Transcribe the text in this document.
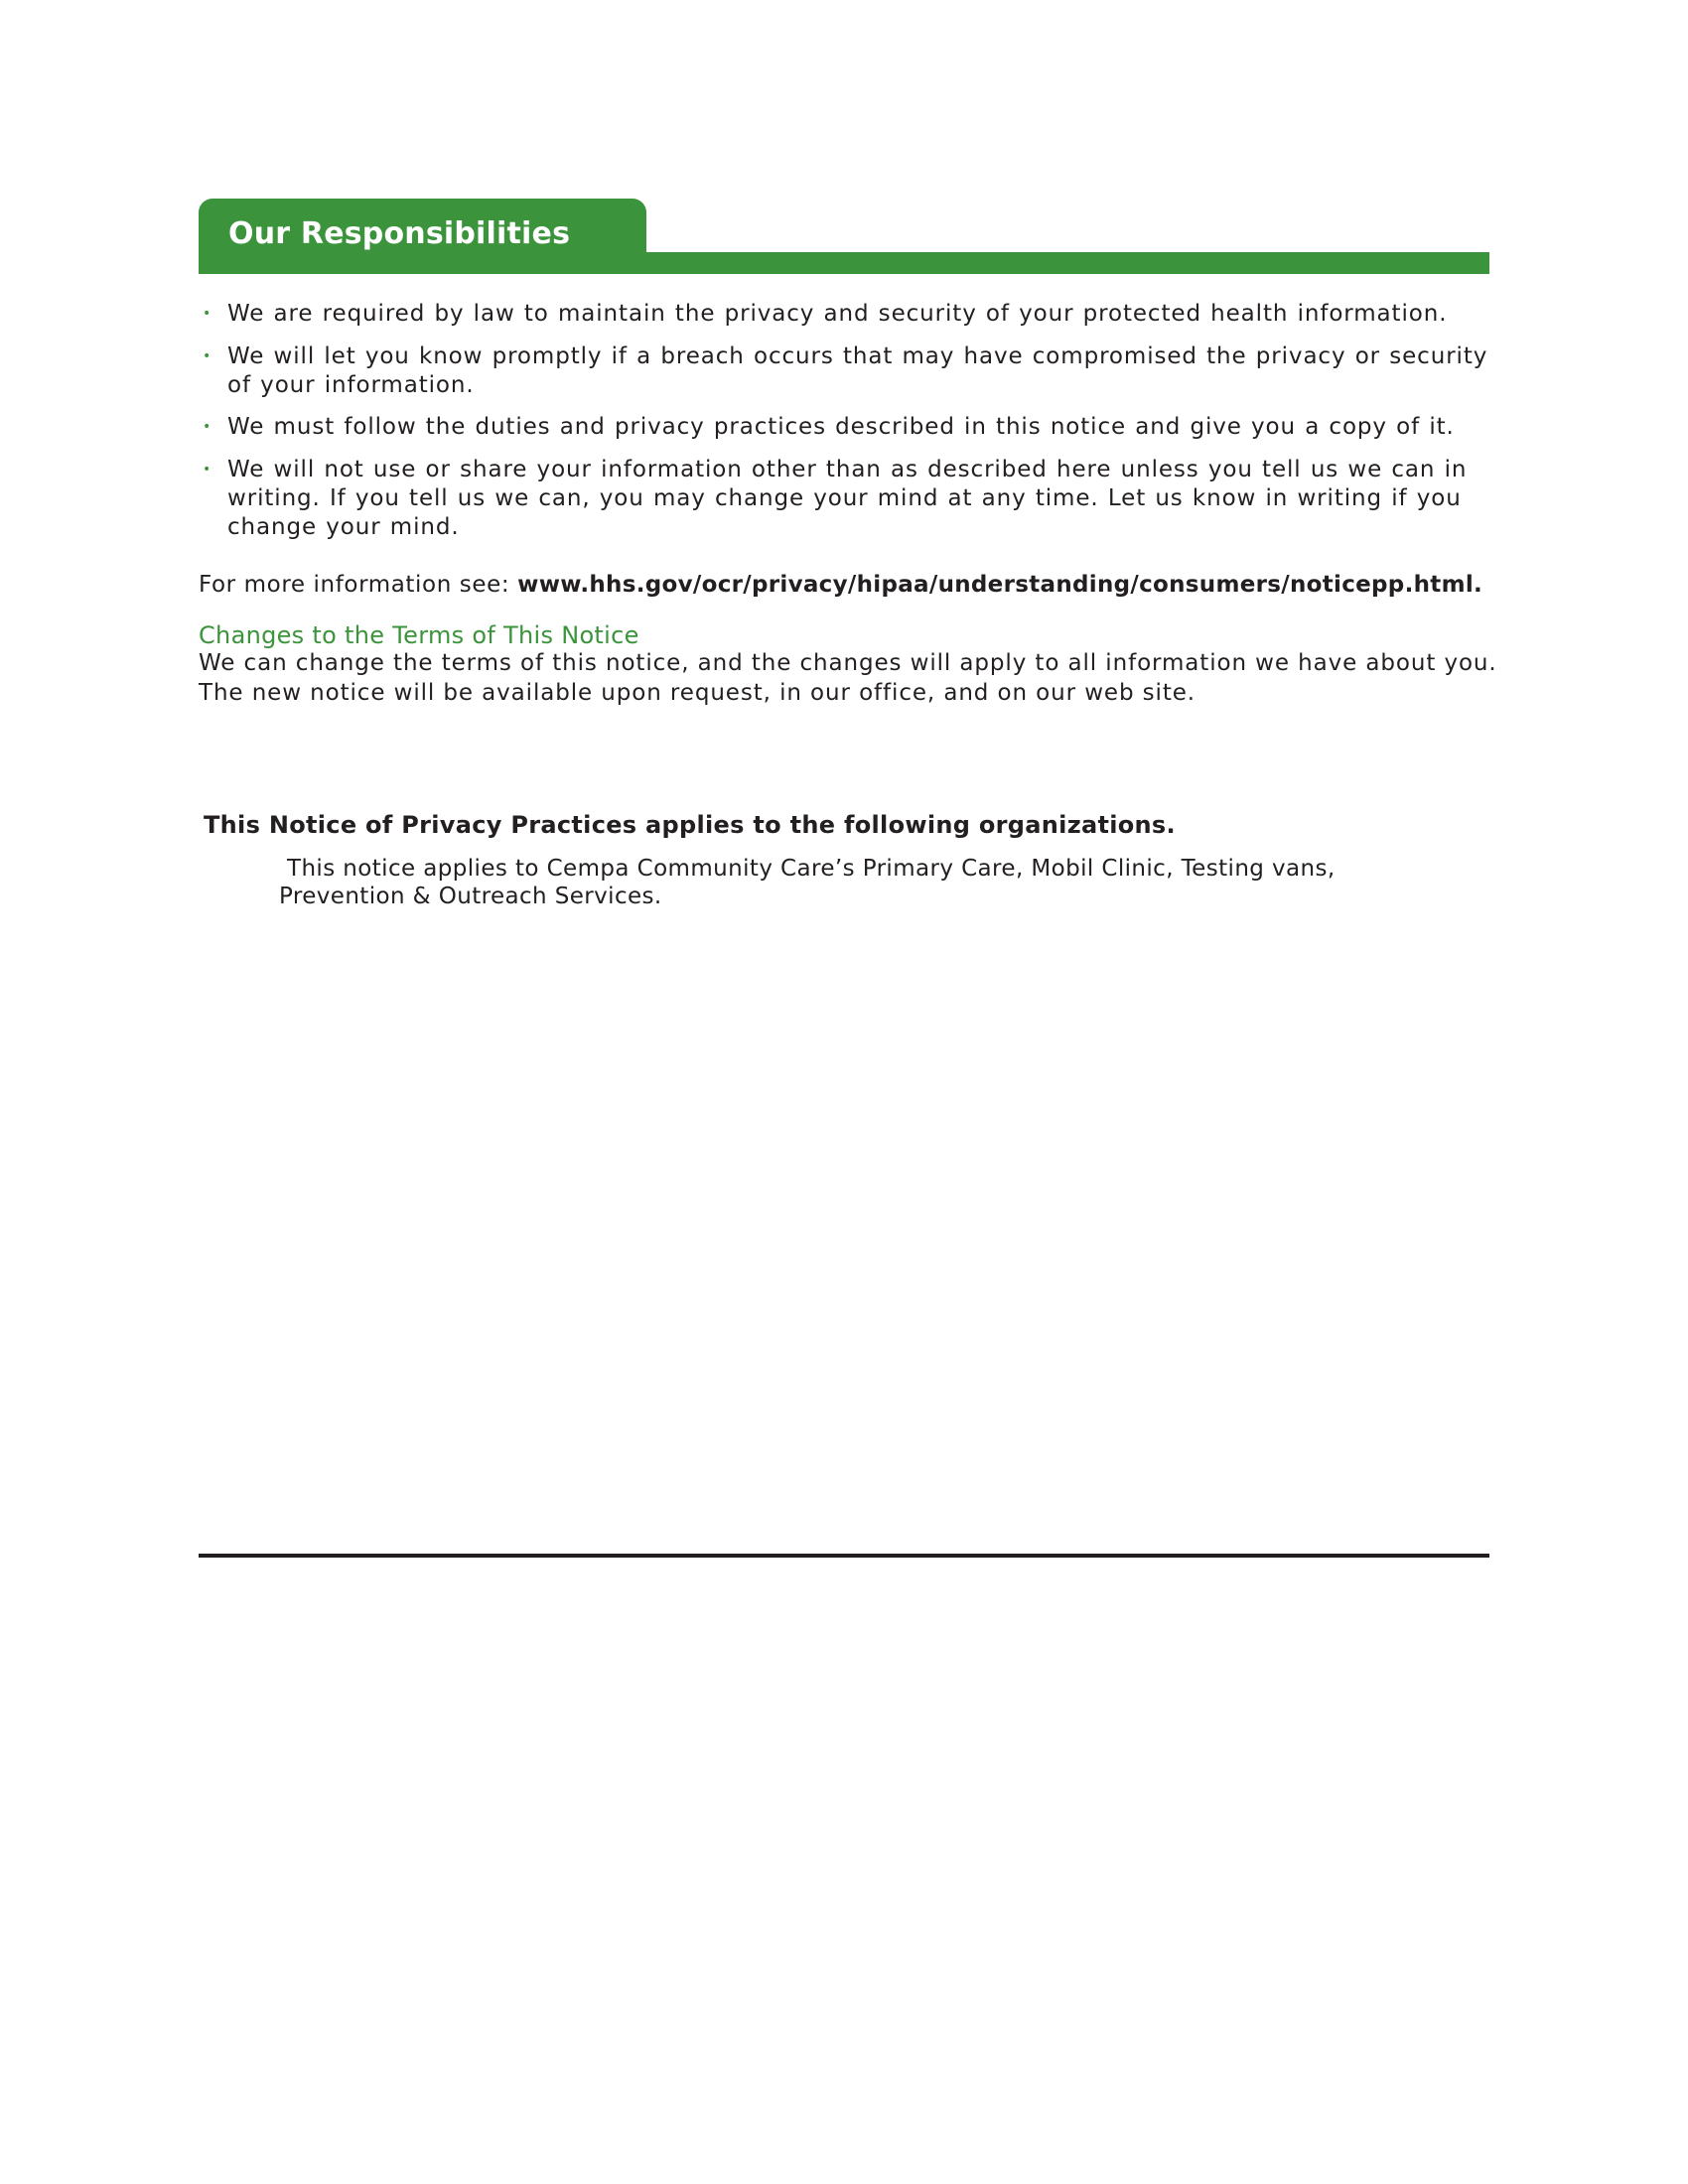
Our Responsibilities
• We are required by law to maintain the privacy and security of your protected health information.
• We will let you know promptly if a breach occurs that may have compromised the privacy or security of your information.
• We must follow the duties and privacy practices described in this notice and give you a copy of it.
• We will not use or share your information other than as described here unless you tell us we can in writing. If you tell us we can, you may change your mind at any time. Let us know in writing if you change your mind.
For more information see: www.hhs.gov/ocr/privacy/hipaa/understanding/consumers/noticepp.html.
Changes to the Terms of This Notice
We can change the terms of this notice, and the changes will apply to all information we have about you. The new notice will be available upon request, in our office, and on our web site.
This Notice of Privacy Practices applies to the following organizations.
This notice applies to Cempa Community Care’s Primary Care, Mobil Clinic, Testing vans, Prevention & Outreach Services.
